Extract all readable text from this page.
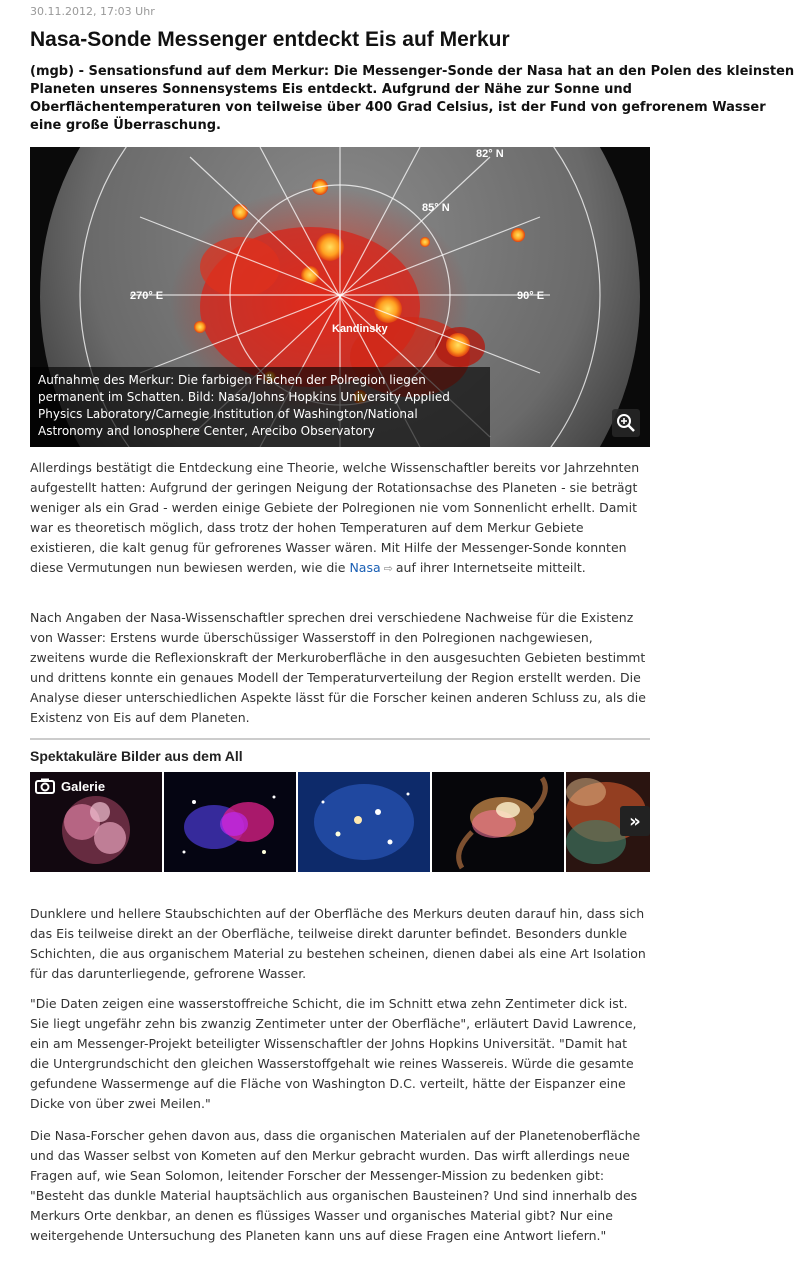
30.11.2012, 17:03 Uhr
Nasa-Sonde Messenger entdeckt Eis auf Merkur

(mgb) - Sensationsfund auf dem Merkur: Die Messenger-Sonde der Nasa hat an den Polen des kleinsten Planeten unseres Sonnensystems Eis entdeckt. Aufgrund der Nähe zur Sonne und Oberflächentemperaturen von teilweise über 400 Grad Celsius, ist der Fund von gefrorenem Wasser eine große Überraschung.

82° N
85° N
270° E	90° E
Kandinsky
Aufnahme des Merkur: Die farbigen Flächen der Polregion liegen permanent im Schatten. Bild: Nasa/Johns Hopkins University Applied Physics Laboratory/Carnegie Institution of Washington/National Astronomy and Ionosphere Center, Arecibo Observatory

Allerdings bestätigt die Entdeckung eine Theorie, welche Wissenschaftler bereits vor Jahrzehnten aufgestellt hatten: Aufgrund der geringen Neigung der Rotationsachse des Planeten - sie beträgt weniger als ein Grad - werden einige Gebiete der Polregionen nie vom Sonnenlicht erhellt. Damit war es theoretisch möglich, dass trotz der hohen Temperaturen auf dem Merkur Gebiete existieren, die kalt genug für gefrorenes Wasser wären. Mit Hilfe der Messenger-Sonde konnten diese Vermutungen nun bewiesen werden, wie die Nasa ⇨ auf ihrer Internetseite mitteilt.

Nach Angaben der Nasa-Wissenschaftler sprechen drei verschiedene Nachweise für die Existenz von Wasser: Erstens wurde überschüssiger Wasserstoff in den Polregionen nachgewiesen, zweitens wurde die Reflexionskraft der Merkuroberfläche in den ausgesuchten Gebieten bestimmt und drittens konnte ein genaues Modell der Temperaturverteilung der Region erstellt werden. Die Analyse dieser unterschiedlichen Aspekte lässt für die Forscher keinen anderen Schluss zu, als die Existenz von Eis auf dem Planeten.

Spektakuläre Bilder aus dem All
Galerie
»

Dunklere und hellere Staubschichten auf der Oberfläche des Merkurs deuten darauf hin, dass sich das Eis teilweise direkt an der Oberfläche, teilweise direkt darunter befindet. Besonders dunkle Schichten, die aus organischem Material zu bestehen scheinen, dienen dabei als eine Art Isolation für das darunterliegende, gefrorene Wasser.

"Die Daten zeigen eine wasserstoffreiche Schicht, die im Schnitt etwa zehn Zentimeter dick ist. Sie liegt ungefähr zehn bis zwanzig Zentimeter unter der Oberfläche", erläutert David Lawrence, ein am Messenger-Projekt beteiligter Wissenschaftler der Johns Hopkins Universität. "Damit hat die Untergrundschicht den gleichen Wasserstoffgehalt wie reines Wassereis. Würde die gesamte gefundene Wassermenge auf die Fläche von Washington D.C. verteilt, hätte der Eispanzer eine Dicke von über zwei Meilen."

Die Nasa-Forscher gehen davon aus, dass die organischen Materialen auf der Planetenoberfläche und das Wasser selbst von Kometen auf den Merkur gebracht wurden. Das wirft allerdings neue Fragen auf, wie Sean Solomon, leitender Forscher der Messenger-Mission zu bedenken gibt: "Besteht das dunkle Material hauptsächlich aus organischen Bausteinen? Und sind innerhalb des Merkurs Orte denkbar, an denen es flüssiges Wasser und organisches Material gibt? Nur eine weitergehende Untersuchung des Planeten kann uns auf diese Fragen eine Antwort liefern."
